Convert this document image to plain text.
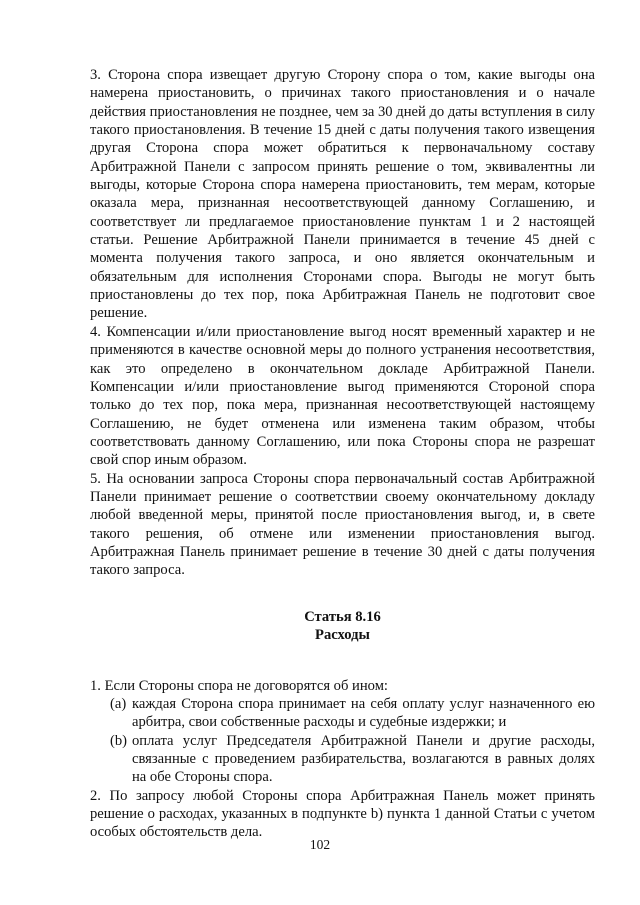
3. Сторона спора извещает другую Сторону спора о том, какие выгоды она намерена приостановить, о причинах такого приостановления и о начале действия приостановления не позднее, чем за 30 дней до даты вступления в силу такого приостановления. В течение 15 дней с даты получения такого извещения другая Сторона спора может обратиться к первоначальному составу Арбитражной Панели с запросом принять решение о том, эквивалентны ли выгоды, которые Сторона спора намерена приостановить, тем мерам, которые оказала мера, признанная несоответствующей данному Соглашению, и соответствует ли предлагаемое приостановление пунктам 1 и 2 настоящей статьи. Решение Арбитражной Панели принимается в течение 45 дней с момента получения такого запроса, и оно является окончательным и обязательным для исполнения Сторонами спора. Выгоды не могут быть приостановлены до тех пор, пока Арбитражная Панель не подготовит свое решение.

4. Компенсации и/или приостановление выгод носят временный характер и не применяются в качестве основной меры до полного устранения несоответствия, как это определено в окончательном докладе Арбитражной Панели. Компенсации и/или приостановление выгод применяются Стороной спора только до тех пор, пока мера, признанная несоответствующей настоящему Соглашению, не будет отменена или изменена таким образом, чтобы соответствовать данному Соглашению, или пока Стороны спора не разрешат свой спор иным образом.

5. На основании запроса Стороны спора первоначальный состав Арбитражной Панели принимает решение о соответствии своему окончательному докладу любой введенной меры, принятой после приостановления выгод, и, в свете такого решения, об отмене или изменении приостановления выгод. Арбитражная Панель принимает решение в течение 30 дней с даты получения такого запроса.

Статья 8.16
Расходы

1. Если Стороны спора не договорятся об ином:

(a) каждая Сторона спора принимает на себя оплату услуг назначенного ею арбитра, свои собственные расходы и судебные издержки; и
(b) оплата услуг Председателя Арбитражной Панели и другие расходы, связанные с проведением разбирательства, возлагаются в равных долях на обе Стороны спора.

2. По запросу любой Стороны спора Арбитражная Панель может принять решение о расходах, указанных в подпункте b) пункта 1 данной Статьи с учетом особых обстоятельств дела.

102
